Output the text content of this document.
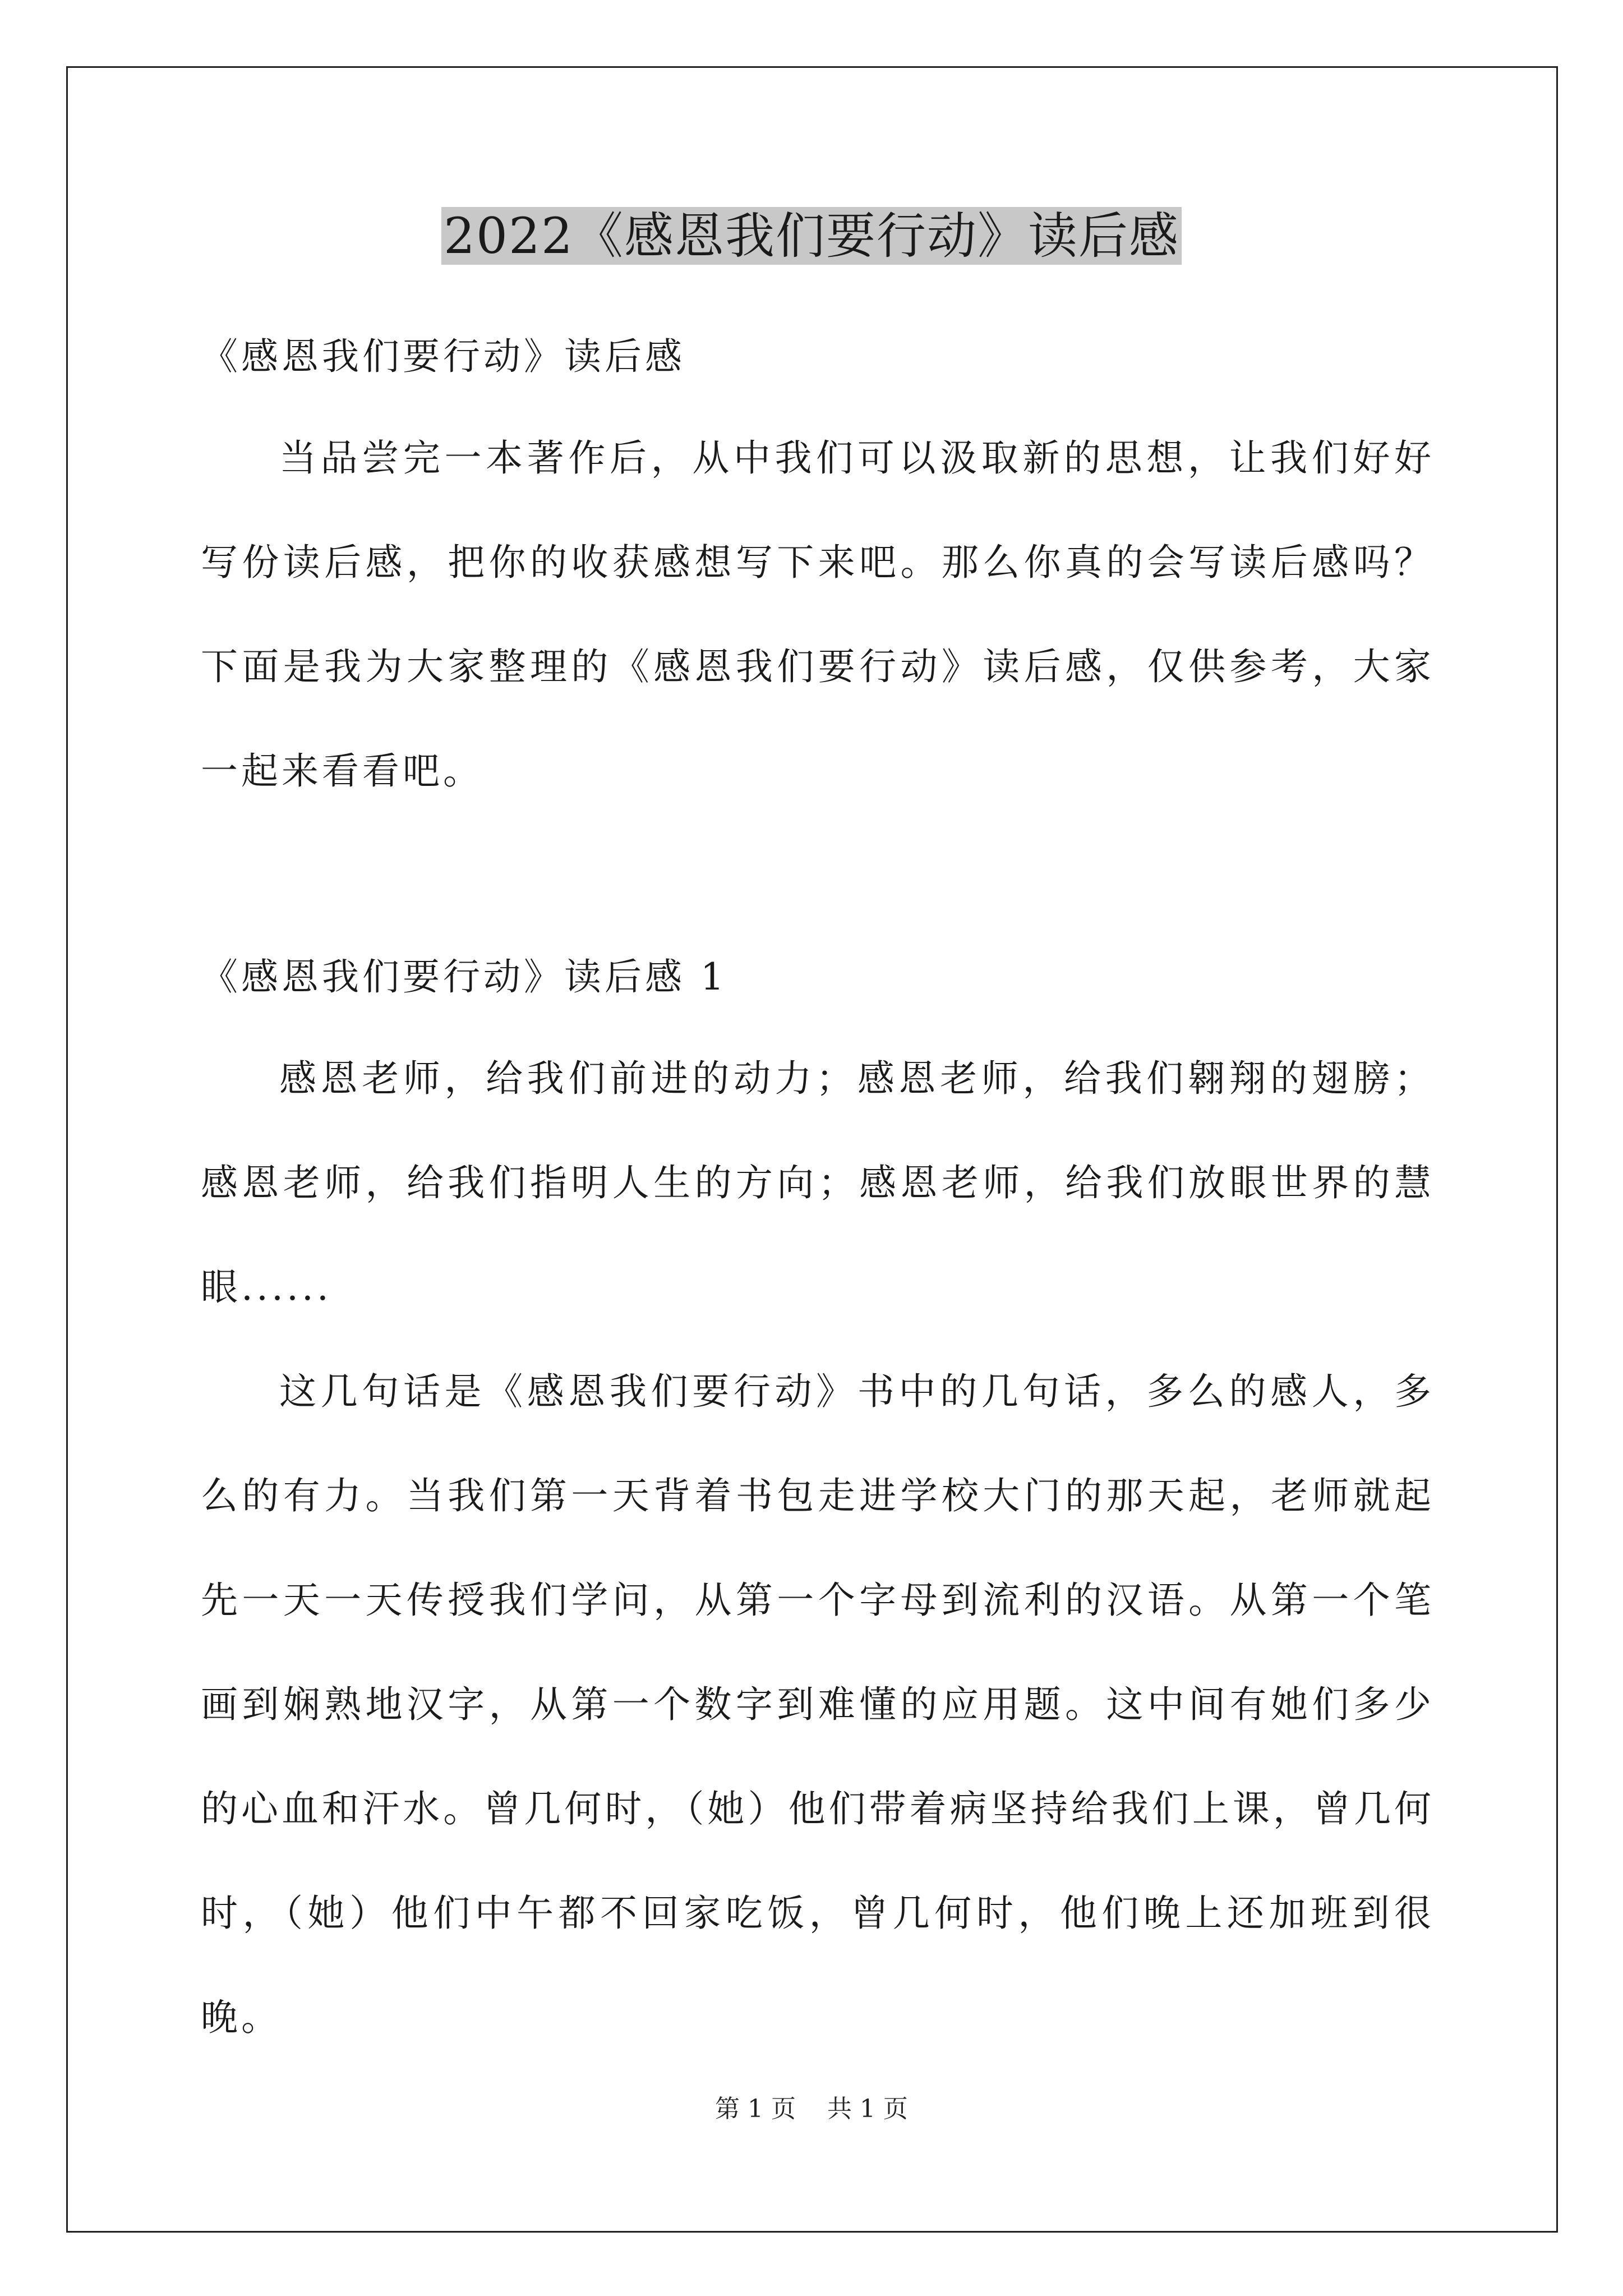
2022《感恩我们要行动》读后感
《感恩我们要行动》读后感

当品尝完一本著作后，从中我们可以汲取新的思想，让我们好好写份读后感，把你的收获感想写下来吧。那么你真的会写读后感吗？下面是我为大家整理的《感恩我们要行动》读后感，仅供参考，大家一起来看看吧。

《感恩我们要行动》读后感 1

感恩老师，给我们前进的动力；感恩老师，给我们翱翔的翅膀；感恩老师，给我们指明人生的方向；感恩老师，给我们放眼世界的慧眼......

这几句话是《感恩我们要行动》书中的几句话，多么的感人，多么的有力。当我们第一天背着书包走进学校大门的那天起，老师就起先一天一天传授我们学问，从第一个字母到流利的汉语。从第一个笔画到娴熟地汉字，从第一个数字到难懂的应用题。这中间有她们多少的心血和汗水。曾几何时，（她）他们带着病坚持给我们上课，曾几何时，（她）他们中午都不回家吃饭，曾几何时，他们晚上还加班到很晚。

第 1 页    共 1 页
